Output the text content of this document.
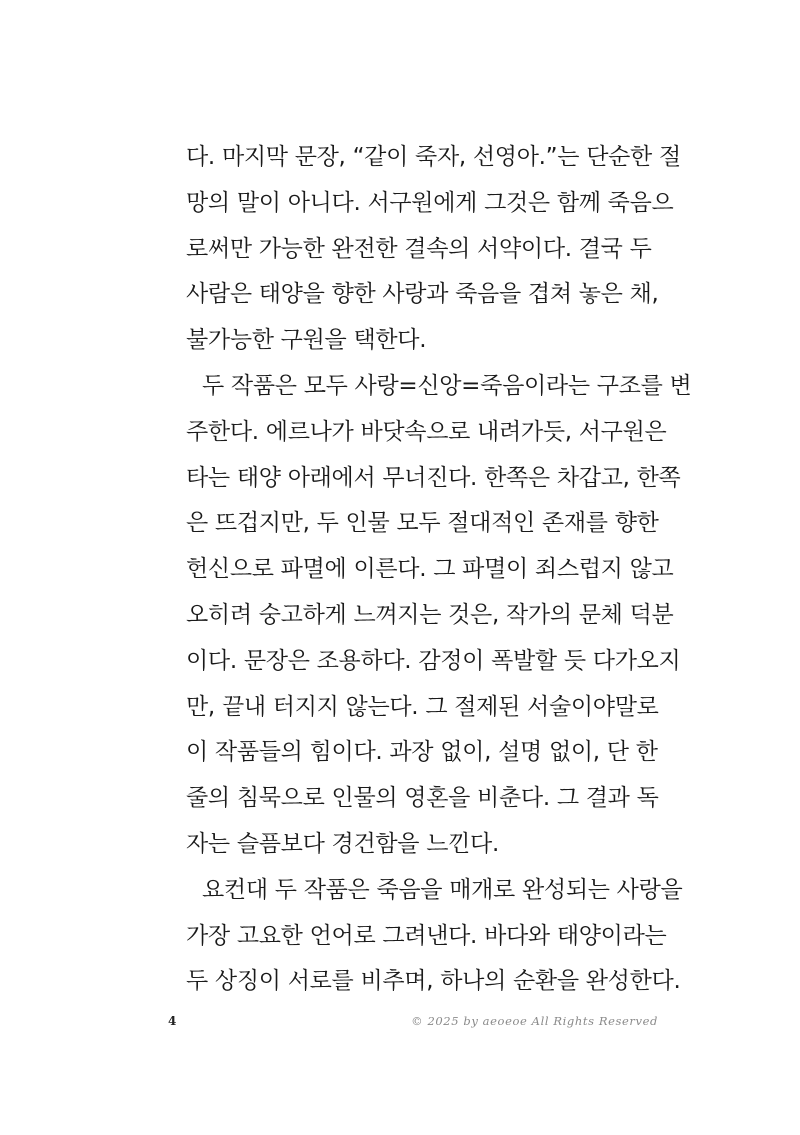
다. 마지막 문장, “같이 죽자, 선영아.”는 단순한 절
망의 말이 아니다. 서구원에게 그것은 함께 죽음으
로써만 가능한 완전한 결속의 서약이다. 결국 두
사람은 태양을 향한 사랑과 죽음을 겹쳐 놓은 채,
불가능한 구원을 택한다.
두 작품은 모두 사랑=신앙=죽음이라는 구조를 변
주한다. 에르나가 바닷속으로 내려가듯, 서구원은
타는 태양 아래에서 무너진다. 한쪽은 차갑고, 한쪽
은 뜨겁지만, 두 인물 모두 절대적인 존재를 향한
헌신으로 파멸에 이른다. 그 파멸이 죄스럽지 않고
오히려 숭고하게 느껴지는 것은, 작가의 문체 덕분
이다. 문장은 조용하다. 감정이 폭발할 듯 다가오지
만, 끝내 터지지 않는다. 그 절제된 서술이야말로
이 작품들의 힘이다. 과장 없이, 설명 없이, 단 한
줄의 침묵으로 인물의 영혼을 비춘다. 그 결과 독
자는 슬픔보다 경건함을 느낀다.
요컨대 두 작품은 죽음을 매개로 완성되는 사랑을
가장 고요한 언어로 그려낸다. 바다와 태양이라는
두 상징이 서로를 비추며, 하나의 순환을 완성한다.
4	© 2025 by aeoeoe All Rights Reserved
